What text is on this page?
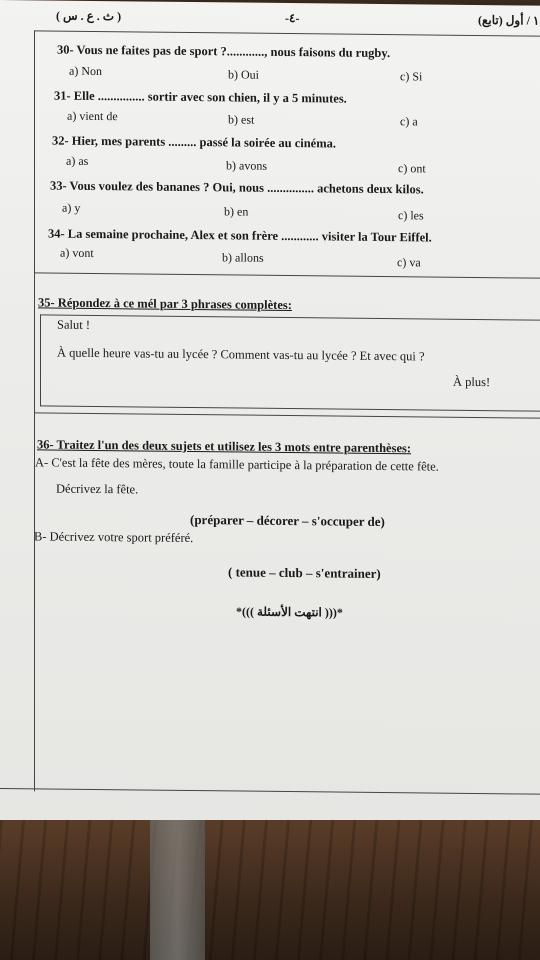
( ث . ع . س )	-٤-	١ / أول (تابع)
30- Vous ne faites pas de sport ?............, nous faisons du rugby.
a) Non	b) Oui	c) Si
31- Elle ............... sortir avec son chien, il y a 5 minutes.
a) vient de	b) est	c) a
32- Hier, mes parents ......... passé la soirée au cinéma.
a) as	b) avons	c) ont
33- Vous voulez des bananes ? Oui, nous ............... achetons deux kilos.
a) y	b) en	c) les
34- La semaine prochaine, Alex et son frère ............ visiter la Tour Eiffel.
a) vont	b) allons	c) va
35- Répondez à ce mél par 3 phrases complètes:
Salut !
À quelle heure vas-tu au lycée ? Comment vas-tu au lycée ? Et avec qui ?
À plus!
36- Traitez l'un des deux sujets et utilisez les 3 mots entre parenthèses:
A- C'est la fête des mères, toute la famille participe à la préparation de cette fête.
Décrivez la fête.
(préparer – décorer – s'occuper de)
B- Décrivez votre sport préféré.
( tenue – club – s'entrainer)
*((( انتهت الأسئلة )))*
